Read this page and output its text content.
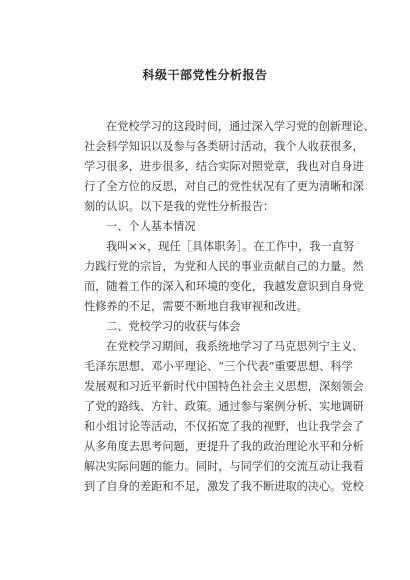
科级干部党性分析报告
在党校学习的这段时间，通过深入学习党的创新理论、
社会科学知识以及参与各类研讨活动，我个人收获很多，
学习很多，进步很多，结合实际对照党章，我也对自身进
行了全方位的反思，对自己的党性状况有了更为清晰和深
刻的认识。以下是我的党性分析报告：
一、个人基本情况
我叫××，现任［具体职务］。在工作中，我一直努
力践行党的宗旨，为党和人民的事业贡献自己的力量。然
而，随着工作的深入和环境的变化，我越发意识到自身党
性修养的不足，需要不断地自我审视和改进。
二、党校学习的收获与体会
在党校学习期间，我系统地学习了马克思列宁主义、
毛泽东思想、邓小平理论、“三个代表”重要思想、科学
发展观和习近平新时代中国特色社会主义思想，深刻领会
了党的路线、方针、政策。通过参与案例分析、实地调研
和小组讨论等活动，不仅拓宽了我的视野，也让我学会了
从多角度去思考问题，更提升了我的政治理论水平和分析
解决实际问题的能力。同时，与同学们的交流互动让我看
到了自身的差距和不足，激发了我不断进取的决心。党校
